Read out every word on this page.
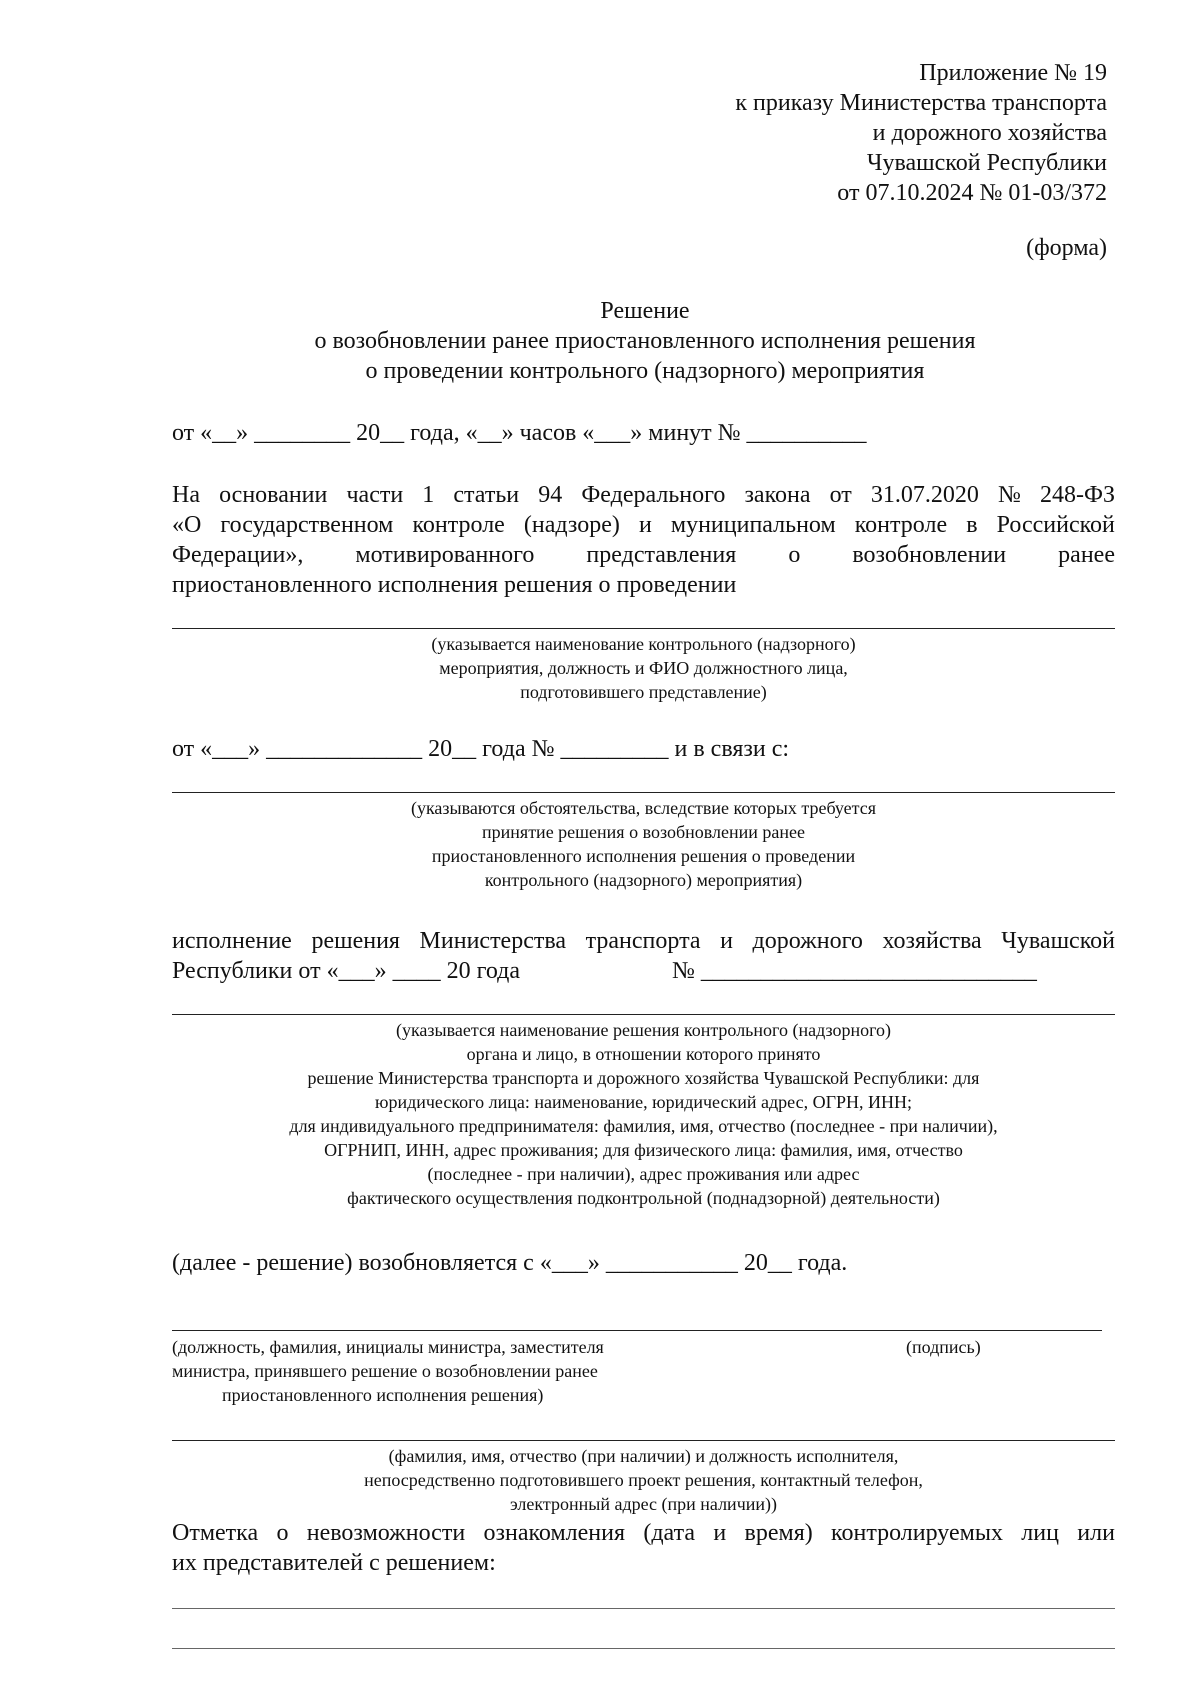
Приложение № 19
к приказу Министерства транспорта
и дорожного хозяйства
Чувашской Республики
от 07.10.2024 № 01-03/372
(форма)
Решение
о возобновлении ранее приостановленного исполнения решения
о проведении контрольного (надзорного) мероприятия
от «__» ________ 20__ года, «__» часов «___» минут № __________
На основании части 1 статьи 94 Федерального закона от 31.07.2020 № 248-ФЗ
«О государственном контроле (надзоре) и муниципальном контроле в Российской
Федерации», мотивированного представления о возобновлении ранее
приостановленного исполнения решения о проведении
(указывается наименование контрольного (надзорного)
мероприятия, должность и ФИО должностного лица,
подготовившего представление)
от «___» _____________ 20__ года № _________ и в связи с:
(указываются обстоятельства, вследствие которых требуется
принятие решения о возобновлении ранее
приостановленного исполнения решения о проведении
контрольного (надзорного) мероприятия)
исполнение решения Министерства транспорта и дорожного хозяйства Чувашской
Республики от «___» ____ 20 года	№ ____________________________
(указывается наименование решения контрольного (надзорного)
органа и лицо, в отношении которого принято
решение Министерства транспорта и дорожного хозяйства Чувашской Республики: для
юридического лица: наименование, юридический адрес, ОГРН, ИНН;
для индивидуального предпринимателя: фамилия, имя, отчество (последнее - при наличии),
ОГРНИП, ИНН, адрес проживания; для физического лица: фамилия, имя, отчество
(последнее - при наличии), адрес проживания или адрес
фактического осуществления подконтрольной (поднадзорной) деятельности)
(далее - решение) возобновляется с «___» ___________ 20__ года.
(должность, фамилия, инициалы министра, заместителя
министра, принявшего решение о возобновлении ранее
приостановленного исполнения решения)
(подпись)
(фамилия, имя, отчество (при наличии) и должность исполнителя,
непосредственно подготовившего проект решения, контактный телефон,
электронный адрес (при наличии))
Отметка о невозможности ознакомления (дата и время) контролируемых лиц или
их представителей с решением:
